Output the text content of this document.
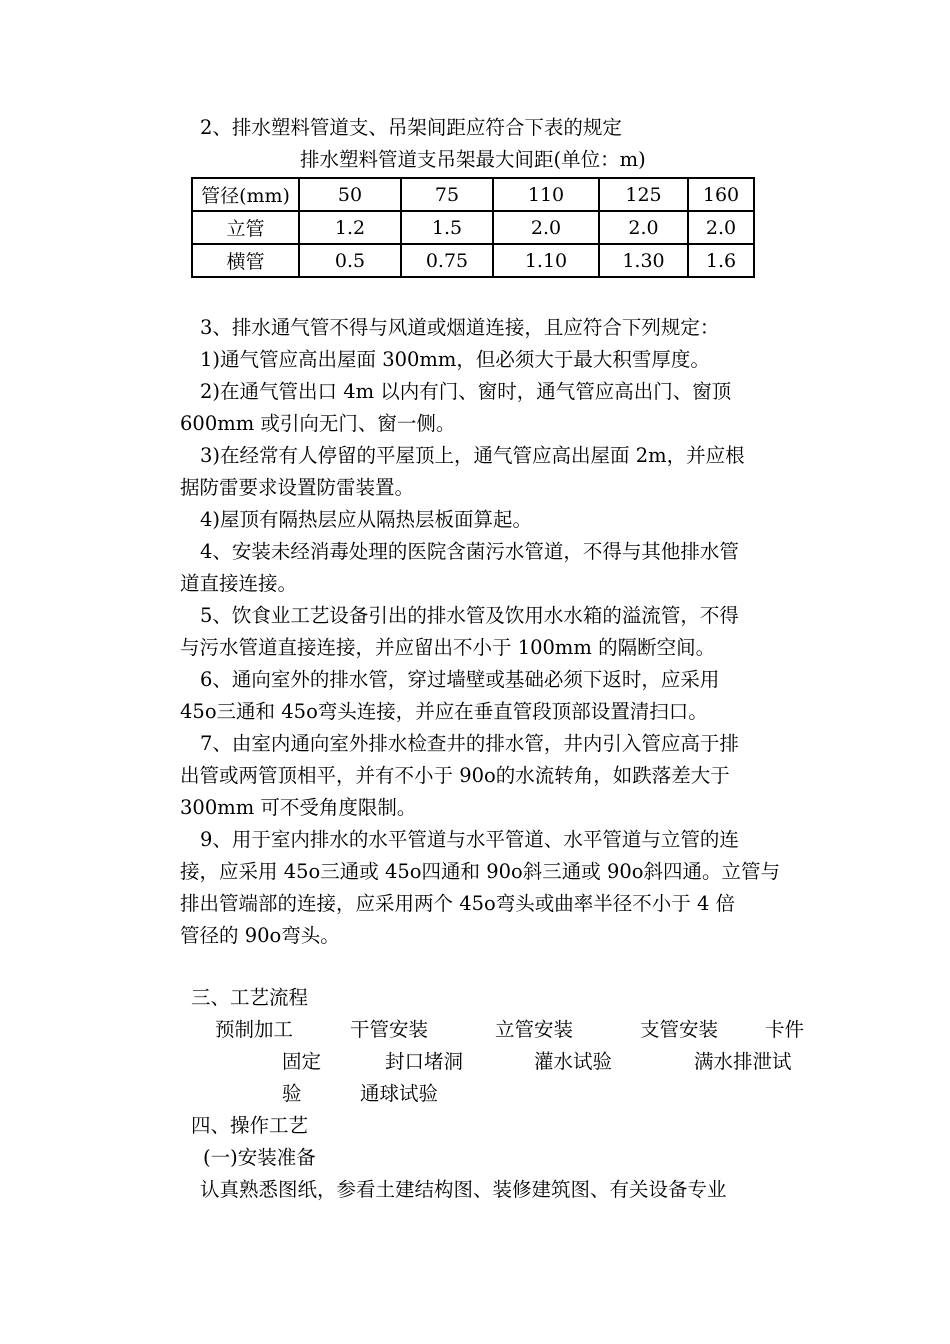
2、排水塑料管道支、吊架间距应符合下表的规定
排水塑料管道支吊架最大间距(单位：m)
管径(mm)	50	75	110	125	160
立管	1.2	1.5	2.0	2.0	2.0
横管	0.5	0.75	1.10	1.30	1.6
3、排水通气管不得与风道或烟道连接，且应符合下列规定：
1)通气管应高出屋面 300mm，但必须大于最大积雪厚度。
2)在通气管出口 4m 以内有门、窗时，通气管应高出门、窗顶
600mm 或引向无门、窗一侧。
3)在经常有人停留的平屋顶上，通气管应高出屋面 2m，并应根
据防雷要求设置防雷装置。
4)屋顶有隔热层应从隔热层板面算起。
4、安装未经消毒处理的医院含菌污水管道，不得与其他排水管
道直接连接。
5、饮食业工艺设备引出的排水管及饮用水水箱的溢流管，不得
与污水管道直接连接，并应留出不小于 100mm 的隔断空间。
6、通向室外的排水管，穿过墙壁或基础必须下返时，应采用
45o三通和 45o弯头连接，并应在垂直管段顶部设置清扫口。
7、由室内通向室外排水检查井的排水管，井内引入管应高于排
出管或两管顶相平，并有不小于 90o的水流转角，如跌落差大于
300mm 可不受角度限制。
9、用于室内排水的水平管道与水平管道、水平管道与立管的连
接，应采用 45o三通或 45o四通和 90o斜三通或 90o斜四通。立管与
排出管端部的连接，应采用两个 45o弯头或曲率半径不小于 4 倍
管径的 90o弯头。
三、工艺流程
预制加工	干管安装	立管安装	支管安装 卡件
固定	封口堵洞	灌水试验	满水排泄试
验	通球试验
四、操作工艺
(一)安装准备
认真熟悉图纸，参看土建结构图、装修建筑图、有关设备专业
